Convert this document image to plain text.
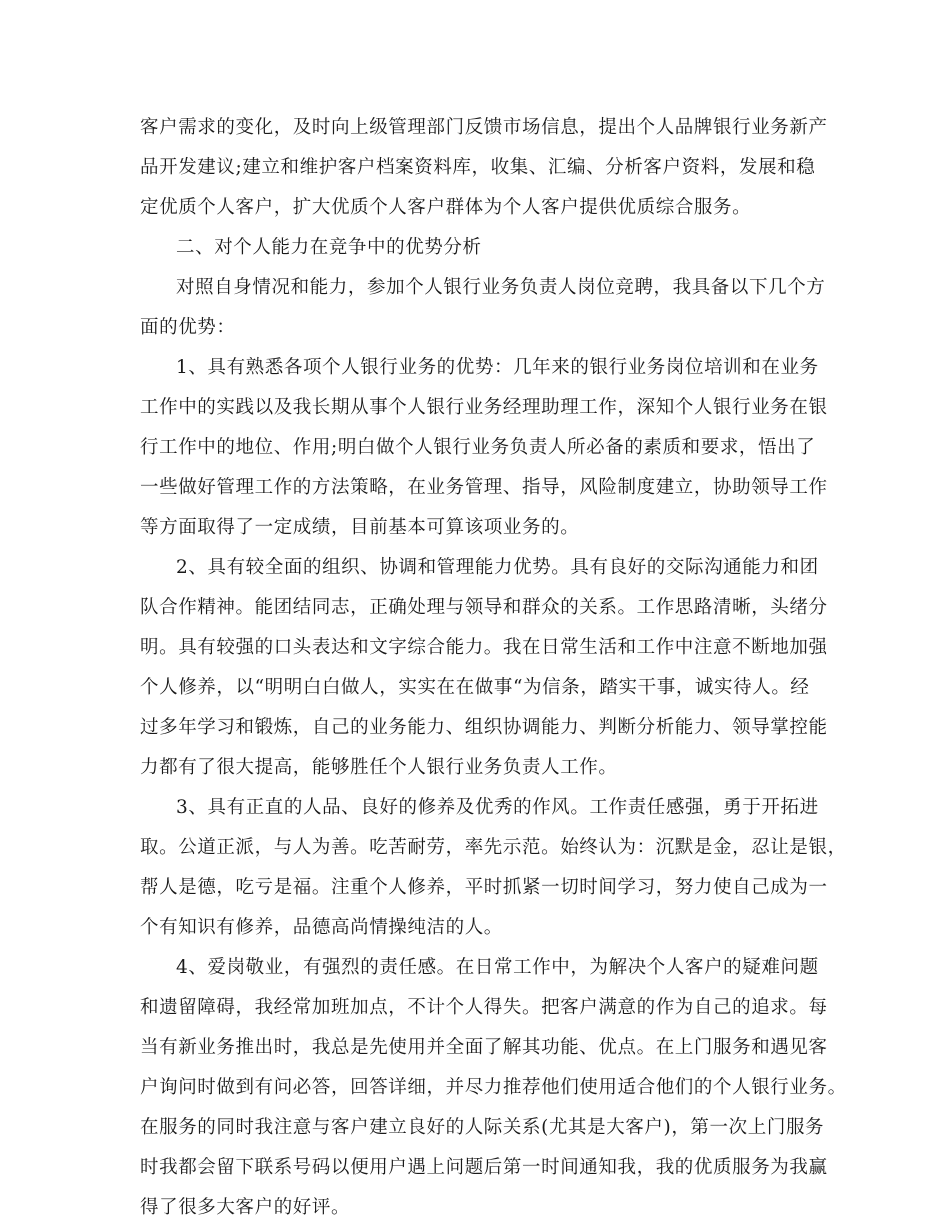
客户需求的变化，及时向上级管理部门反馈市场信息，提出个人品牌银行业务新产
品开发建议;建立和维护客户档案资料库，收集、汇编、分析客户资料，发展和稳
定优质个人客户，扩大优质个人客户群体为个人客户提供优质综合服务。
二、对个人能力在竞争中的优势分析
对照自身情况和能力，参加个人银行业务负责人岗位竞聘，我具备以下几个方
面的优势：
1、具有熟悉各项个人银行业务的优势：几年来的银行业务岗位培训和在业务
工作中的实践以及我长期从事个人银行业务经理助理工作，深知个人银行业务在银
行工作中的地位、作用;明白做个人银行业务负责人所必备的素质和要求，悟出了
一些做好管理工作的方法策略，在业务管理、指导，风险制度建立，协助领导工作
等方面取得了一定成绩，目前基本可算该项业务的。
2、具有较全面的组织、协调和管理能力优势。具有良好的交际沟通能力和团
队合作精神。能团结同志，正确处理与领导和群众的关系。工作思路清晰，头绪分
明。具有较强的口头表达和文字综合能力。我在日常生活和工作中注意不断地加强
个人修养，以“明明白白做人，实实在在做事“为信条，踏实干事，诚实待人。经
过多年学习和锻炼，自己的业务能力、组织协调能力、判断分析能力、领导掌控能
力都有了很大提高，能够胜任个人银行业务负责人工作。
3、具有正直的人品、良好的修养及优秀的作风。工作责任感强，勇于开拓进
取。公道正派，与人为善。吃苦耐劳，率先示范。始终认为：沉默是金，忍让是银，
帮人是德，吃亏是福。注重个人修养，平时抓紧一切时间学习，努力使自己成为一
个有知识有修养，品德高尚情操纯洁的人。
4、爱岗敬业，有强烈的责任感。在日常工作中，为解决个人客户的疑难问题
和遗留障碍，我经常加班加点，不计个人得失。把客户满意的作为自己的追求。每
当有新业务推出时，我总是先使用并全面了解其功能、优点。在上门服务和遇见客
户询问时做到有问必答，回答详细，并尽力推荐他们使用适合他们的个人银行业务。
在服务的同时我注意与客户建立良好的人际关系(尤其是大客户)，第一次上门服务
时我都会留下联系号码以便用户遇上问题后第一时间通知我，我的优质服务为我赢
得了很多大客户的好评。
